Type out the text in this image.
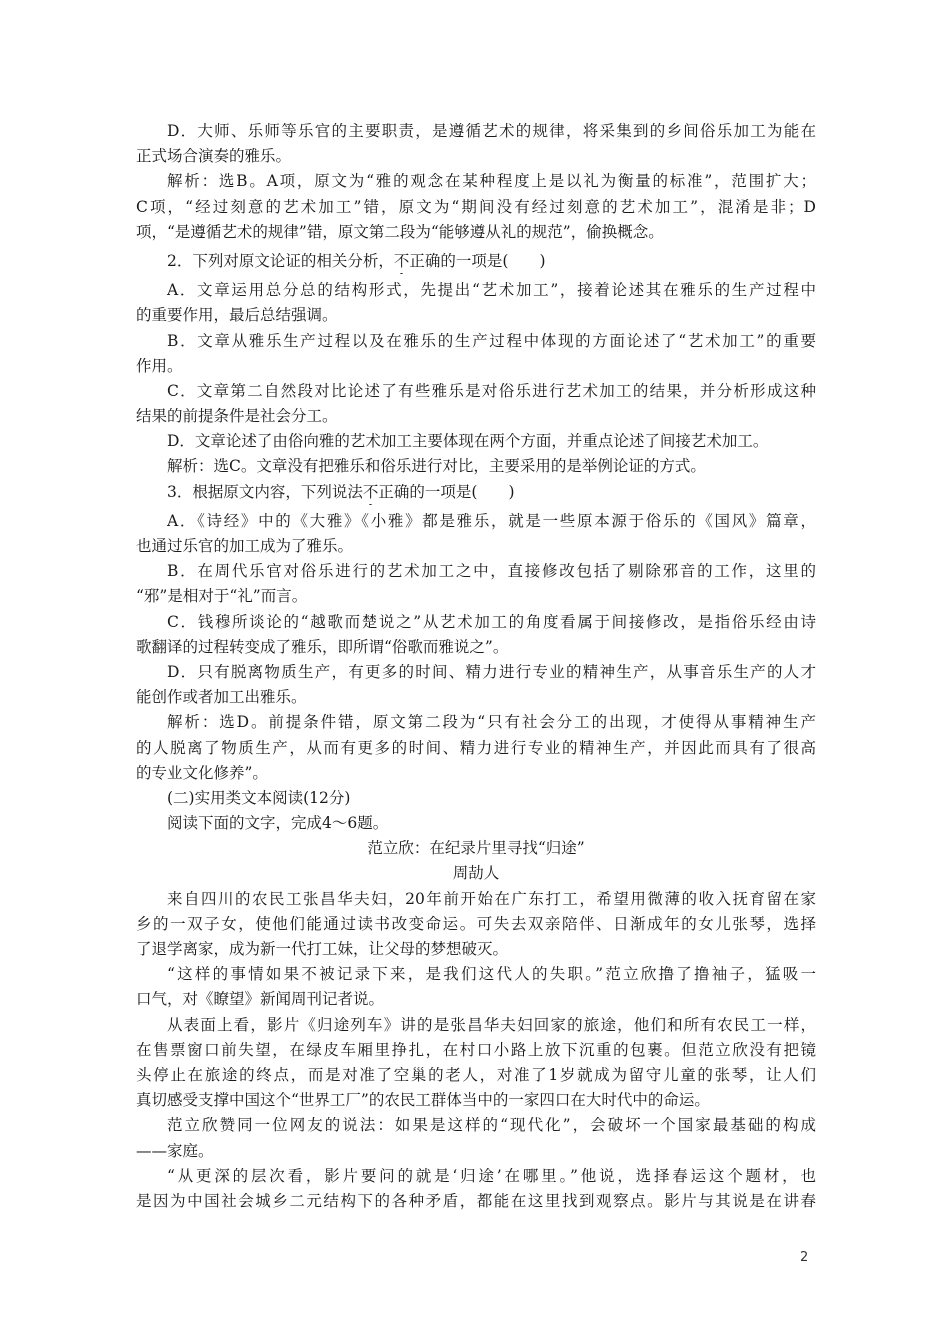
D．大师、乐师等乐官的主要职责，是遵循艺术的规律，将采集到的乡间俗乐加工为能在
正式场合演奏的雅乐。
解析：选B。A项，原文为“雅的观念在某种程度上是以礼为衡量的标准”，范围扩大；
C项，“经过刻意的艺术加工”错，原文为“期间没有经过刻意的艺术加工”，混淆是非；D
项，“是遵循艺术的规律”错，原文第二段为“能够遵从礼的规范”，偷换概念。
2．下列对原文论证的相关分析，不正确的一项是(　　)
A．文章运用总分总的结构形式，先提出“艺术加工”，接着论述其在雅乐的生产过程中
的重要作用，最后总结强调。
B．文章从雅乐生产过程以及在雅乐的生产过程中体现的方面论述了“艺术加工”的重要
作用。
C．文章第二自然段对比论述了有些雅乐是对俗乐进行艺术加工的结果，并分析形成这种
结果的前提条件是社会分工。
D．文章论述了由俗向雅的艺术加工主要体现在两个方面，并重点论述了间接艺术加工。
解析：选C。文章没有把雅乐和俗乐进行对比，主要采用的是举例论证的方式。
3．根据原文内容，下列说法不正确的一项是(　　)
A．《诗经》中的《大雅》《小雅》都是雅乐，就是一些原本源于俗乐的《国风》篇章，
也通过乐官的加工成为了雅乐。
B．在周代乐官对俗乐进行的艺术加工之中，直接修改包括了剔除邪音的工作，这里的
“邪”是相对于“礼”而言。
C．钱穆所谈论的“越歌而楚说之”从艺术加工的角度看属于间接修改，是指俗乐经由诗
歌翻译的过程转变成了雅乐，即所谓“俗歌而雅说之”。
D．只有脱离物质生产，有更多的时间、精力进行专业的精神生产，从事音乐生产的人才
能创作或者加工出雅乐。
解析：选D。前提条件错，原文第二段为“只有社会分工的出现，才使得从事精神生产
的人脱离了物质生产，从而有更多的时间、精力进行专业的精神生产，并因此而具有了很高
的专业文化修养”。
(二)实用类文本阅读(12分)
阅读下面的文字，完成4～6题。
范立欣：在纪录片里寻找“归途”
周劼人
来自四川的农民工张昌华夫妇，20年前开始在广东打工，希望用微薄的收入抚育留在家
乡的一双子女，使他们能通过读书改变命运。可失去双亲陪伴、日渐成年的女儿张琴，选择
了退学离家，成为新一代打工妹，让父母的梦想破灭。
“这样的事情如果不被记录下来，是我们这代人的失职。”范立欣撸了撸袖子，猛吸一
口气，对《瞭望》新闻周刊记者说。
从表面上看，影片《归途列车》讲的是张昌华夫妇回家的旅途，他们和所有农民工一样，
在售票窗口前失望，在绿皮车厢里挣扎，在村口小路上放下沉重的包裹。但范立欣没有把镜
头停止在旅途的终点，而是对准了空巢的老人，对准了1岁就成为留守儿童的张琴，让人们
真切感受支撑中国这个“世界工厂”的农民工群体当中的一家四口在大时代中的命运。
范立欣赞同一位网友的说法：如果是这样的“现代化”，会破坏一个国家最基础的构成
——家庭。
“从更深的层次看，影片要问的就是‘归途’在哪里。”他说，选择春运这个题材，也
是因为中国社会城乡二元结构下的各种矛盾，都能在这里找到观察点。影片与其说是在讲春
2
